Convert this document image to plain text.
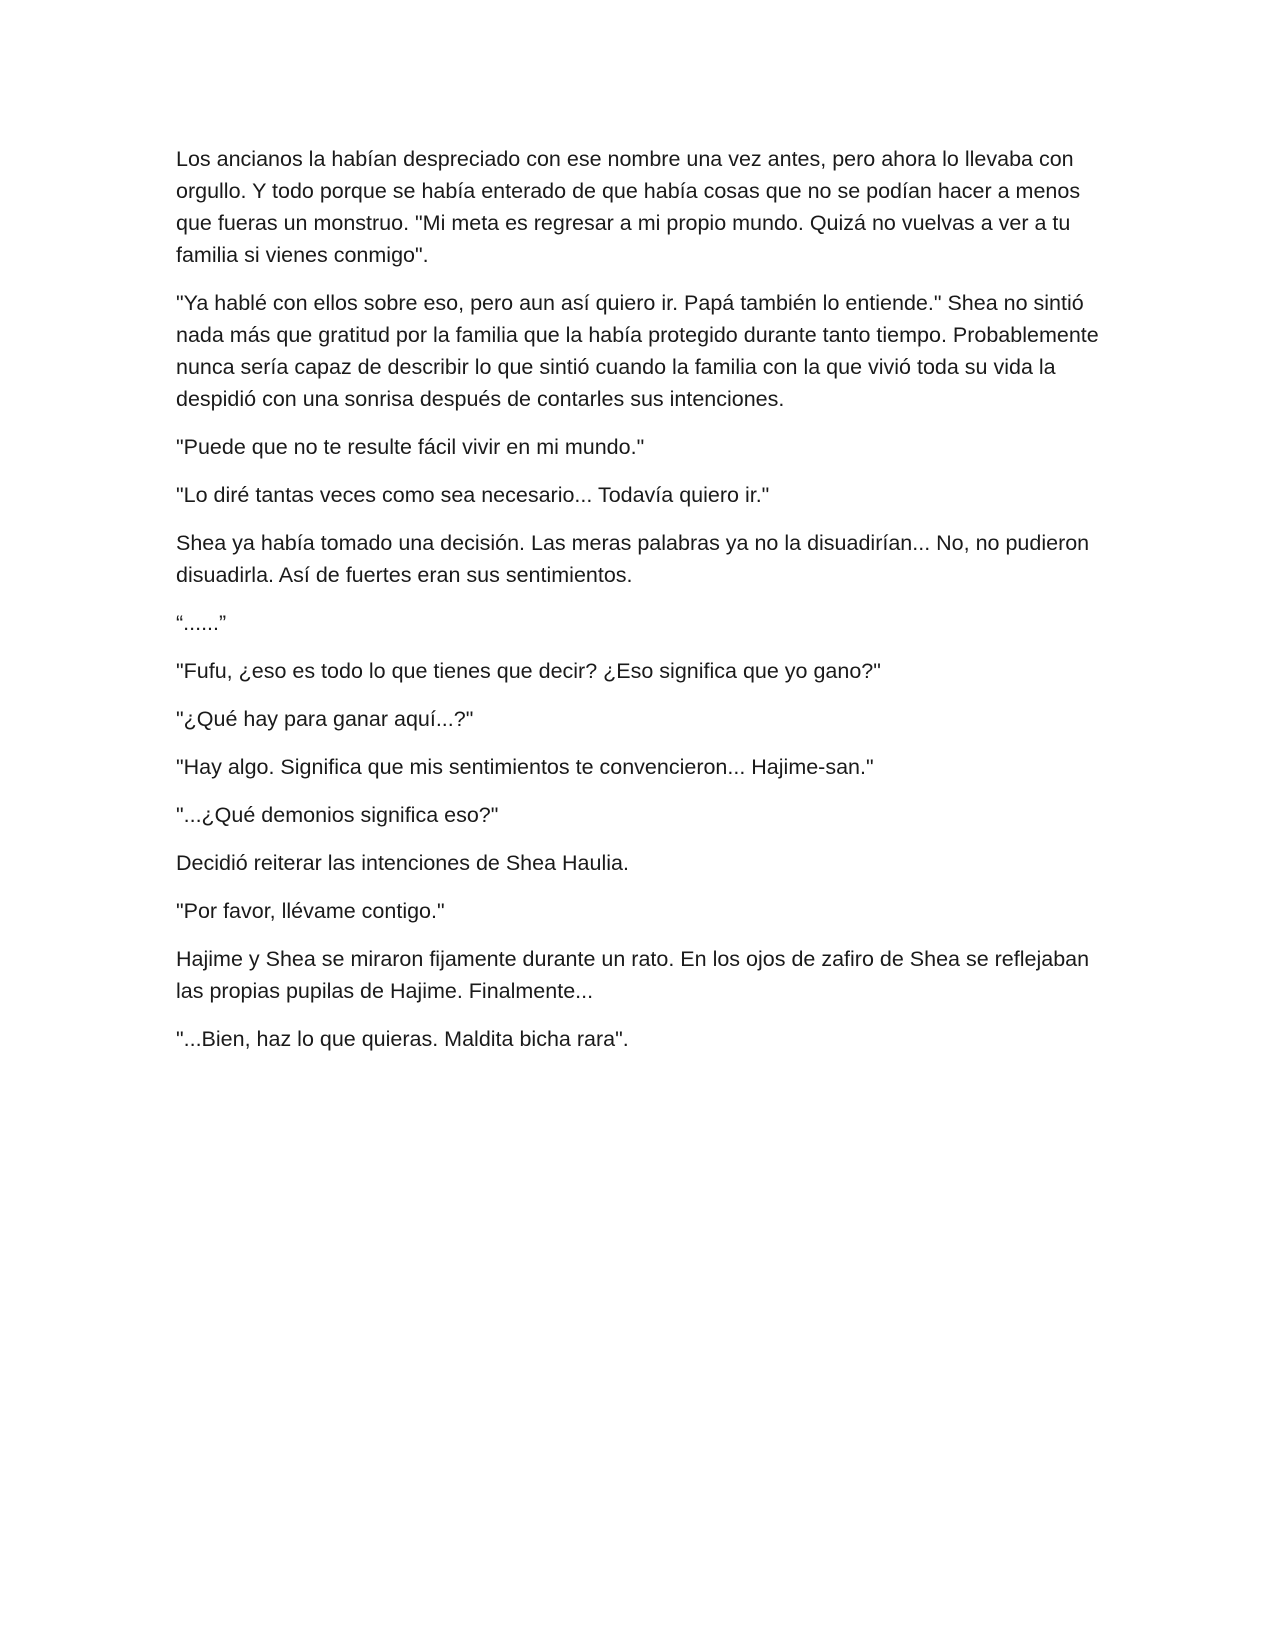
Los ancianos la habían despreciado con ese nombre una vez antes, pero ahora lo llevaba con orgullo. Y todo porque se había enterado de que había cosas que no se podían hacer a menos que fueras un monstruo. "Mi meta es regresar a mi propio mundo. Quizá no vuelvas a ver a tu familia si vienes conmigo".

"Ya hablé con ellos sobre eso, pero aun así quiero ir. Papá también lo entiende." Shea no sintió nada más que gratitud por la familia que la había protegido durante tanto tiempo. Probablemente nunca sería capaz de describir lo que sintió cuando la familia con la que vivió toda su vida la despidió con una sonrisa después de contarles sus intenciones.

"Puede que no te resulte fácil vivir en mi mundo."

"Lo diré tantas veces como sea necesario... Todavía quiero ir."

Shea ya había tomado una decisión. Las meras palabras ya no la disuadirían... No, no pudieron disuadirla. Así de fuertes eran sus sentimientos.

“......”

"Fufu, ¿eso es todo lo que tienes que decir? ¿Eso significa que yo gano?"

"¿Qué hay para ganar aquí...?"

"Hay algo. Significa que mis sentimientos te convencieron... Hajime-san."

"...¿Qué demonios significa eso?"

Decidió reiterar las intenciones de Shea Haulia.

"Por favor, llévame contigo."

Hajime y Shea se miraron fijamente durante un rato. En los ojos de zafiro de Shea se reflejaban las propias pupilas de Hajime. Finalmente...

"...Bien, haz lo que quieras. Maldita bicha rara".
